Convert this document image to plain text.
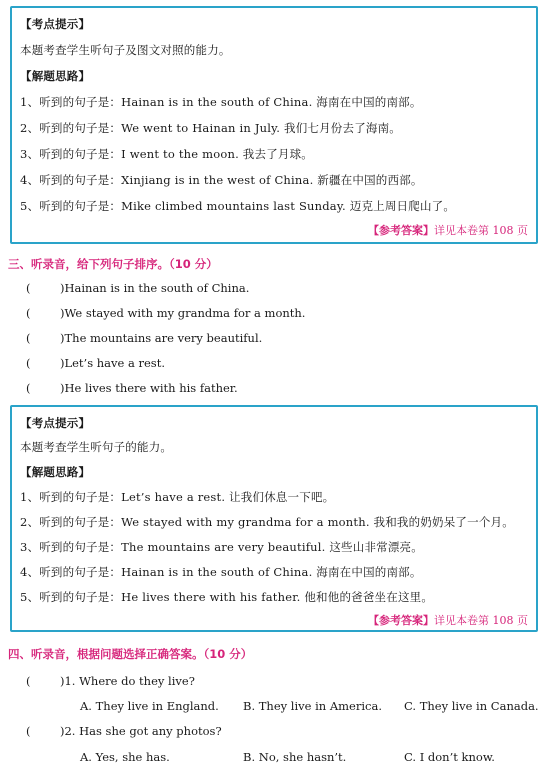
【考点提示】
本题考查学生听句子及图文对照的能力。
【解题思路】
1、听到的句子是：Hainan is in the south of China. 海南在中国的南部。
2、听到的句子是：We went to Hainan in July. 我们七月份去了海南。
3、听到的句子是：I went to the moon. 我去了月球。
4、听到的句子是：Xinjiang is in the west of China. 新疆在中国的西部。
5、听到的句子是：Mike climbed mountains last Sunday. 迈克上周日爬山了。
【参考答案】详见本卷第 108 页
三、听录音，给下列句子排序。（10 分）
(	)Hainan is in the south of China.
(	)We stayed with my grandma for a month.
(	)The mountains are very beautiful.
(	)Let’s have a rest.
(	)He lives there with his father.
【考点提示】
本题考查学生听句子的能力。
【解题思路】
1、听到的句子是：Let’s have a rest. 让我们休息一下吧。
2、听到的句子是：We stayed with my grandma for a month. 我和我的奶奶呆了一个月。
3、听到的句子是：The mountains are very beautiful. 这些山非常漂亮。
4、听到的句子是：Hainan is in the south of China. 海南在中国的南部。
5、听到的句子是：He lives there with his father. 他和他的爸爸坐在这里。
【参考答案】详见本卷第 108 页
四、听录音，根据问题选择正确答案。（10 分）
(	)1. Where do they live?
A. They live in England. B. They live in America. C. They live in Canada.
(	)2. Has she got any photos?
A. Yes, she has.	B. No, she hasn’t.	C. I don’t know.
